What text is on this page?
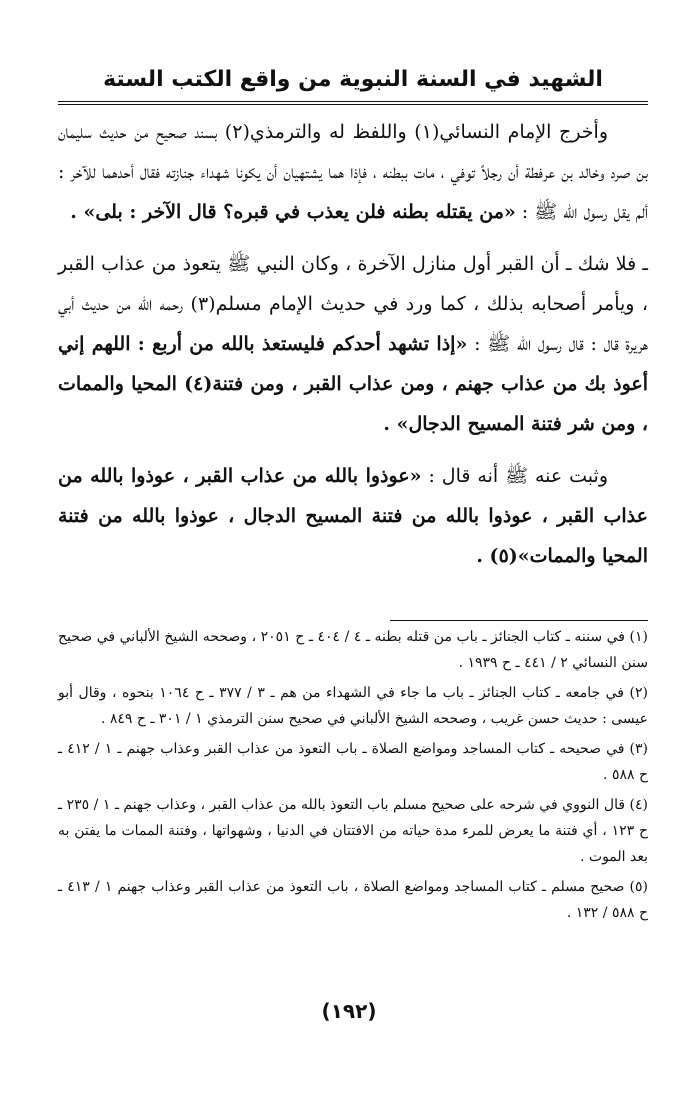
الشهيد في السنة النبوية من واقع الكتب الستة

وأخرج الإمام النسائي(١) واللفظ له والترمذي(٢) بسند صحيح من حديث سليمان بن صرد وخالد بن عرفطة أن رجلاً توفي ، مات ببطنه ، فإذا هما يشتهيان أن يكونا شهداء جنازته فقال أحدهما للآخر : ألم يقل رسول الله ﷺ : «من يقتله بطنه فلن يعذب في قبره؟ قال الآخر : بلى» .

ـ فلا شك ـ أن القبر أول منازل الآخرة ، وكان النبي ﷺ يتعوذ من عذاب القبر ، ويأمر أصحابه بذلك ، كما ورد في حديث الإمام مسلم(٣) رحمه الله من حديث أبي هريرة قال : قال رسول الله ﷺ : «إذا تشهد أحدكم فليستعذ بالله من أربع : اللهم إني أعوذ بك من عذاب جهنم ، ومن عذاب القبر ، ومن فتنة(٤) المحيا والممات ، ومن شر فتنة المسيح الدجال» .

وثبت عنه ﷺ أنه قال : «عوذوا بالله من عذاب القبر ، عوذوا بالله من عذاب القبر ، عوذوا بالله من فتنة المسيح الدجال ، عوذوا بالله من فتنة المحيا والممات»(٥) .

(١) في سننه ـ كتاب الجنائز ـ باب من قتله بطنه ـ ٤ / ٤٠٤ ـ ح ٢٠٥١ ، وصححه الشيخ الألباني في صحيح سنن النسائي ٢ / ٤٤١ ـ ح ١٩٣٩ .

(٢) في جامعه ـ كتاب الجنائز ـ باب ما جاء في الشهداء من هم ـ ٣ / ٣٧٧ ـ ح ١٠٦٤ بنحوه ، وقال أبو عيسى : حديث حسن غريب ، وصححه الشيخ الألباني في صحيح سنن الترمذي ١ / ٣٠١ ـ ح ٨٤٩ .

(٣) في صحيحه ـ كتاب المساجد ومواضع الصلاة ـ باب التعوذ من عذاب القبر وعذاب جهنم ـ ١ / ٤١٢ ـ ح ٥٨٨ .

(٤) قال النووي في شرحه على صحيح مسلم باب التعوذ بالله من عذاب القبر ، وعذاب جهنم ـ ١ / ٢٣٥ ـ ح ١٢٣ ، أي فتنة ما يعرض للمرء مدة حياته من الافتتان في الدنيا ، وشهواتها ، وفتنة الممات ما يفتن به بعد الموت .

(٥) صحيح مسلم ـ كتاب المساجد ومواضع الصلاة ، باب التعوذ من عذاب القبر وعذاب جهنم ١ / ٤١٣ ـ ح ٥٨٨ / ١٣٢ .

(١٩٢)
